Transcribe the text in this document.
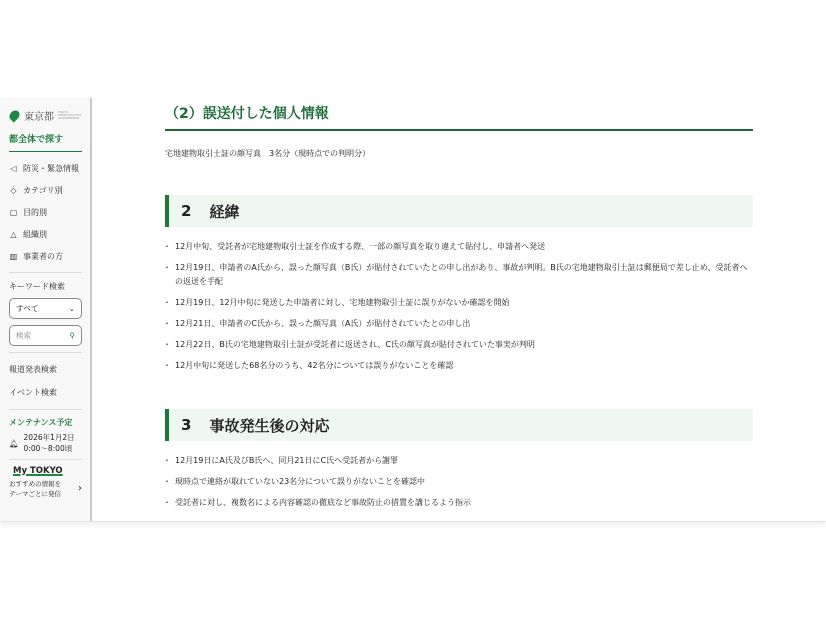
東京都 TOKYO METROPOLITAN GOVERNMENT
都全体で探す
◁ 防災・緊急情報
◇ カテゴリ別
▢ 目的別
△ 組織別
▥ 事業者の方
キーワード検索
すべて	⌄
検索	⚲
報道発表検索
イベント検索
メンテナンス予定
🔔︎
2026年1月2日
0:00〜8:00頃
My TOKYO
おすすめの情報を
テーマごとに発信 ›
（2）誤送付した個人情報
宅地建物取引士証の顔写真　3名分（現時点での判明分）
2 経緯
・ 12月中旬、受託者が宅地建物取引士証を作成する際、一部の顔写真を取り違えて貼付し、申請者へ発送
・ 12月19日、申請者のA氏から、誤った顔写真（B氏）が貼付されていたとの申し出があり、事故が判明。B氏の宅地建物取引士証は郵便局で差し止め、受託者への返送を手配
・ 12月19日、12月中旬に発送した申請者に対し、宅地建物取引士証に誤りがないか確認を開始
・ 12月21日、申請者のC氏から、誤った顔写真（A氏）が貼付されていたとの申し出
・ 12月22日、B氏の宅地建物取引士証が受託者に返送され、C氏の顔写真が貼付されていた事実が判明
・ 12月中旬に発送した68名分のうち、42名分については誤りがないことを確認
3 事故発生後の対応
・ 12月19日にA氏及びB氏へ、同月21日にC氏へ受託者から謝罪
・ 現時点で連絡が取れていない23名分について誤りがないことを確認中
・ 受託者に対し、複数名による内容確認の徹底など事故防止の措置を講じるよう指示
